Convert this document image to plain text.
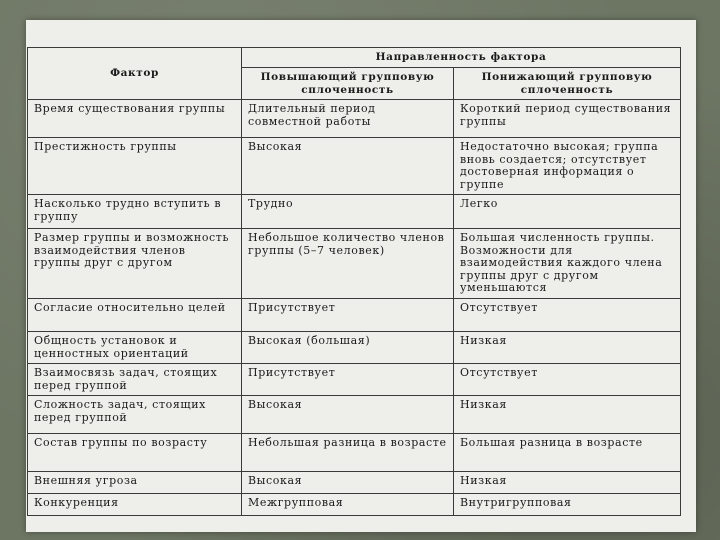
Фактор	Направленность фактора	
	Повышающий групповую сплоченность	Понижающий групповую сплоченность
Время существования группы	Длительный период совместной работы	Короткий период существования группы
Престижность группы	Высокая	Недостаточно высокая; группа вновь создается; отсутствует достоверная информация о группе
Насколько трудно вступить в группу	Трудно	Легко
Размер группы и возможность взаимодействия членов группы друг с другом	Небольшое количество членов группы (5–7 человек)	Большая численность группы. Возможности для взаимодействия каждого члена группы друг с другом уменьшаются
Согласие относительно целей	Присутствует	Отсутствует
Общность установок и ценностных ориентаций	Высокая (большая)	Низкая
Взаимосвязь задач, стоящих перед группой	Присутствует	Отсутствует
Сложность задач, стоящих перед группой	Высокая	Низкая
Состав группы по возрасту	Небольшая разница в возрасте	Большая разница в возрасте
Внешняя угроза	Высокая	Низкая
Конкуренция	Межгрупповая	Внутригрупповая
